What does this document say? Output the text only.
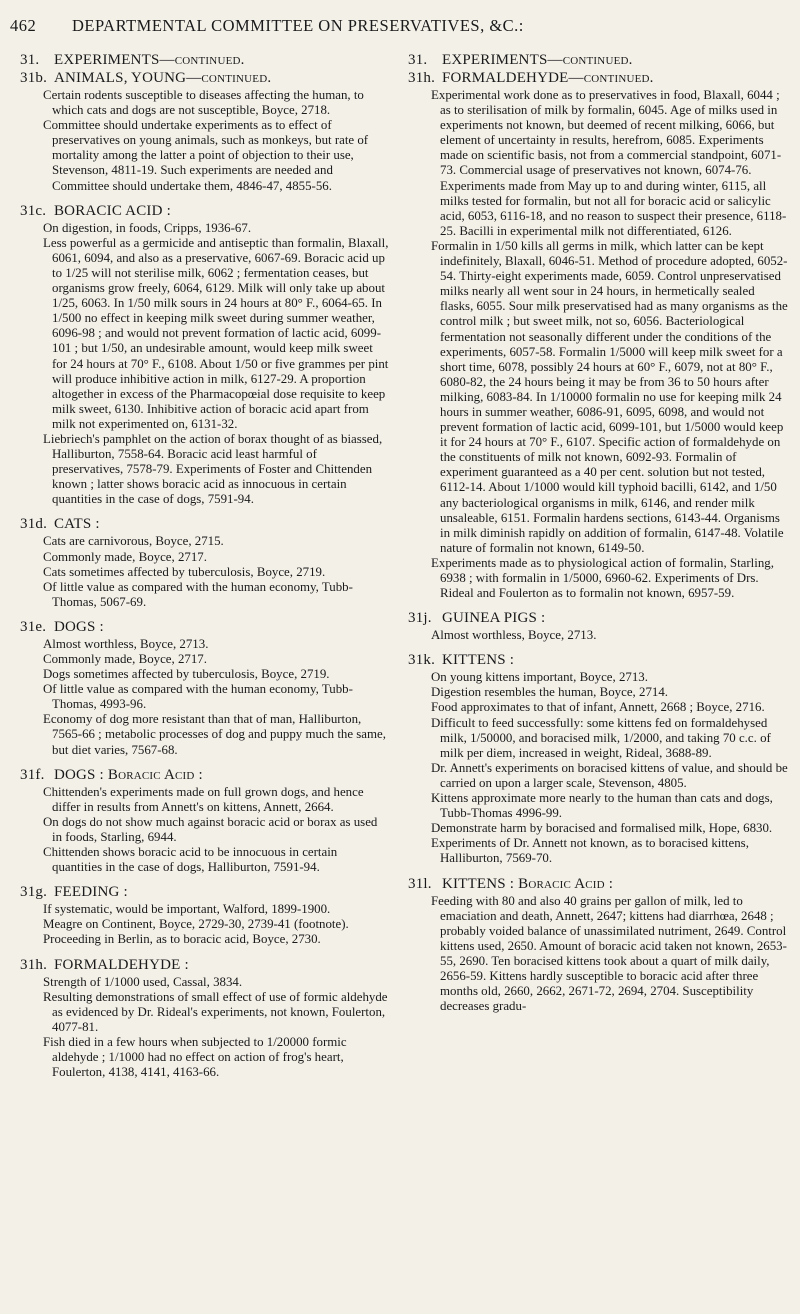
462 DEPARTMENTAL COMMITTEE ON PRESERVATIVES, &C.:
31. EXPERIMENTS—continued.
31b. ANIMALS, YOUNG—continued.

Certain rodents susceptible to diseases affecting the human, to which cats and dogs are not susceptible, Boyce, 2718.

Committee should undertake experiments as to effect of preservatives on young animals, such as monkeys, but rate of mortality among the latter a point of objection to their use, Stevenson, 4811-19. Such experiments are needed and Committee should undertake them, 4846-47, 4855-56.

31c. BORACIC ACID :

On digestion, in foods, Cripps, 1936-67.

Less powerful as a germicide and antiseptic than formalin, Blaxall, 6061, 6094, and also as a preservative, 6067-69. Boracic acid up to 1/25 will not sterilise milk, 6062 ; fermentation ceases, but organisms grow freely, 6064, 6129. Milk will only take up about 1/25, 6063. In 1/50 milk sours in 24 hours at 80° F., 6064-65. In 1/500 no effect in keeping milk sweet during summer weather, 6096-98 ; and would not prevent formation of lactic acid, 6099-101 ; but 1/50, an undesirable amount, would keep milk sweet for 24 hours at 70° F., 6108. About 1/50 or five grammes per pint will produce inhibitive action in milk, 6127-29. A proportion altogether in excess of the Pharmacopœial dose requisite to keep milk sweet, 6130. Inhibitive action of boracic acid apart from milk not experimented on, 6131-32.

Liebriech's pamphlet on the action of borax thought of as biassed, Halliburton, 7558-64. Boracic acid least harmful of preservatives, 7578-79. Experiments of Foster and Chittenden known ; latter shows boracic acid as innocuous in certain quantities in the case of dogs, 7591-94.

31d. CATS :

Cats are carnivorous, Boyce, 2715.

Commonly made, Boyce, 2717.

Cats sometimes affected by tuberculosis, Boyce, 2719.

Of little value as compared with the human economy, Tubb-Thomas, 5067-69.

31e. DOGS :

Almost worthless, Boyce, 2713.

Commonly made, Boyce, 2717.

Dogs sometimes affected by tuberculosis, Boyce, 2719.

Of little value as compared with the human economy, Tubb-Thomas, 4993-96.

Economy of dog more resistant than that of man, Halliburton, 7565-66 ; metabolic processes of dog and puppy much the same, but diet varies, 7567-68.

31f. DOGS : Boracic Acid :

Chittenden's experiments made on full grown dogs, and hence differ in results from Annett's on kittens, Annett, 2664.

On dogs do not show much against boracic acid or borax as used in foods, Starling, 6944.

Chittenden shows boracic acid to be innocuous in certain quantities in the case of dogs, Halliburton, 7591-94.

31g. FEEDING :

If systematic, would be important, Walford, 1899-1900.

Meagre on Continent, Boyce, 2729-30, 2739-41 (footnote).

Proceeding in Berlin, as to boracic acid, Boyce, 2730.

31h. FORMALDEHYDE :

Strength of 1/1000 used, Cassal, 3834.

Resulting demonstrations of small effect of use of formic aldehyde as evidenced by Dr. Rideal's experiments, not known, Foulerton, 4077-81.

Fish died in a few hours when subjected to 1/20000 formic aldehyde ; 1/1000 had no effect on action of frog's heart, Foulerton, 4138, 4141, 4163-66.

31. EXPERIMENTS—continued.
31h. FORMALDEHYDE—continued.

Experimental work done as to preservatives in food, Blaxall, 6044 ; as to sterilisation of milk by formalin, 6045. Age of milks used in experiments not known, but deemed of recent milking, 6066, but element of uncertainty in results, herefrom, 6085. Experiments made on scientific basis, not from a commercial standpoint, 6071-73. Commercial usage of preservatives not known, 6074-76. Experiments made from May up to and during winter, 6115, all milks tested for formalin, but not all for boracic acid or salicylic acid, 6053, 6116-18, and no reason to suspect their presence, 6118-25. Bacilli in experimental milk not differentiated, 6126.

Formalin in 1/50 kills all germs in milk, which latter can be kept indefinitely, Blaxall, 6046-51. Method of procedure adopted, 6052-54. Thirty-eight experiments made, 6059. Control unpreservatised milks nearly all went sour in 24 hours, in hermetically sealed flasks, 6055. Sour milk preservatised had as many organisms as the control milk ; but sweet milk, not so, 6056. Bacteriological fermentation not seasonally different under the conditions of the experiments, 6057-58. Formalin 1/5000 will keep milk sweet for a short time, 6078, possibly 24 hours at 60° F., 6079, not at 80° F., 6080-82, the 24 hours being it may be from 36 to 50 hours after milking, 6083-84. In 1/10000 formalin no use for keeping milk 24 hours in summer weather, 6086-91, 6095, 6098, and would not prevent formation of lactic acid, 6099-101, but 1/5000 would keep it for 24 hours at 70° F., 6107. Specific action of formaldehyde on the constituents of milk not known, 6092-93. Formalin of experiment guaranteed as a 40 per cent. solution but not tested, 6112-14. About 1/1000 would kill typhoid bacilli, 6142, and 1/50 any bacteriological organisms in milk, 6146, and render milk unsaleable, 6151. Formalin hardens sections, 6143-44. Organisms in milk diminish rapidly on addition of formalin, 6147-48. Volatile nature of formalin not known, 6149-50.

Experiments made as to physiological action of formalin, Starling, 6938 ; with formalin in 1/5000, 6960-62. Experiments of Drs. Rideal and Foulerton as to formalin not known, 6957-59.

31j. GUINEA PIGS :

Almost worthless, Boyce, 2713.

31k. KITTENS :

On young kittens important, Boyce, 2713.

Digestion resembles the human, Boyce, 2714.

Food approximates to that of infant, Annett, 2668 ; Boyce, 2716.

Difficult to feed successfully: some kittens fed on formaldehysed milk, 1/50000, and boracised milk, 1/2000, and taking 70 c.c. of milk per diem, increased in weight, Rideal, 3688-89.

Dr. Annett's experiments on boracised kittens of value, and should be carried on upon a larger scale, Stevenson, 4805.

Kittens approximate more nearly to the human than cats and dogs, Tubb-Thomas 4996-99.

Demonstrate harm by boracised and formalised milk, Hope, 6830.

Experiments of Dr. Annett not known, as to boracised kittens, Halliburton, 7569-70.

31l. KITTENS : Boracic Acid :

Feeding with 80 and also 40 grains per gallon of milk, led to emaciation and death, Annett, 2647; kittens had diarrhœa, 2648 ; probably voided balance of unassimilated nutriment, 2649. Control kittens used, 2650. Amount of boracic acid taken not known, 2653-55, 2690. Ten boracised kittens took about a quart of milk daily, 2656-59. Kittens hardly susceptible to boracic acid after three months old, 2660, 2662, 2671-72, 2694, 2704. Susceptibility decreases gradu-
